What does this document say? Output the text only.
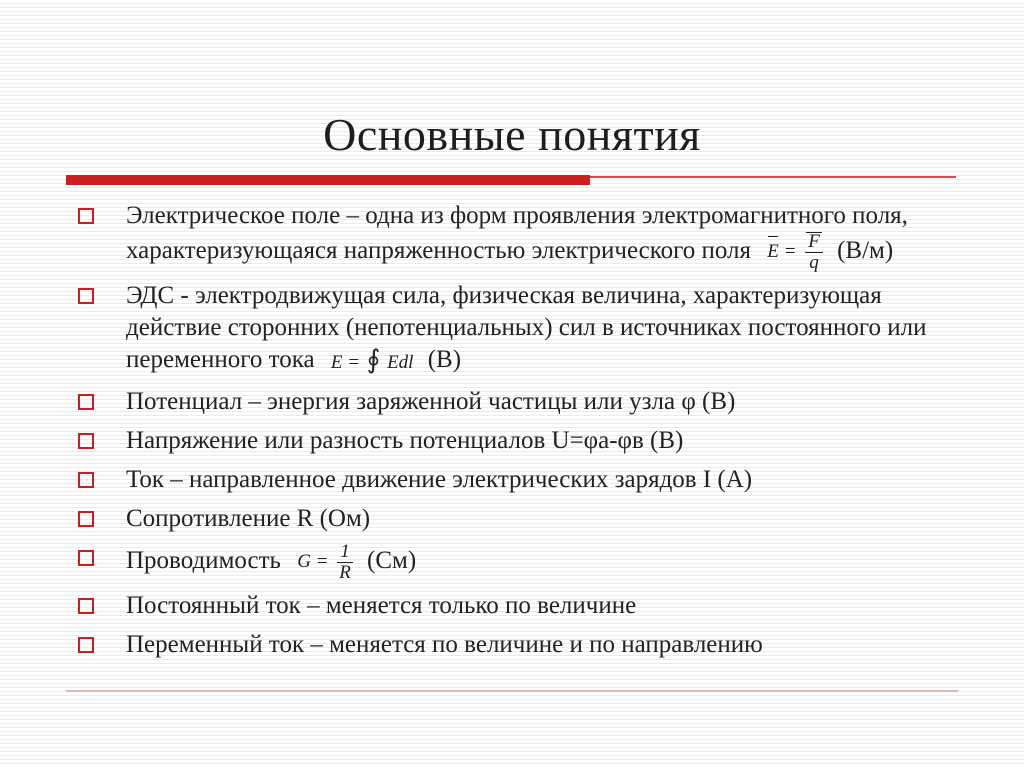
Основные понятия
Электрическое поле – одна из форм проявления электромагнитного поля, характеризующаяся напряженностью электрического поля $E = \frac{F}{q} (В/м)$
ЭДС - электродвижущая сила, физическая величина, характеризующая действие сторонних (непотенциальных) сил в источниках постоянного или переменного тока E = ∮ Edl (В)
Потенциал – энергия заряженной частицы или узла φ (В)
Напряжение или разность потенциалов U=φа-φв (В)
Ток – направленное движение электрических зарядов I (А)
Сопротивление R (Ом)
Проводимость $G = \frac{1}{R} (См)$
Постоянный ток – меняется только по величине
Переменный ток – меняется по величине и по направлению
